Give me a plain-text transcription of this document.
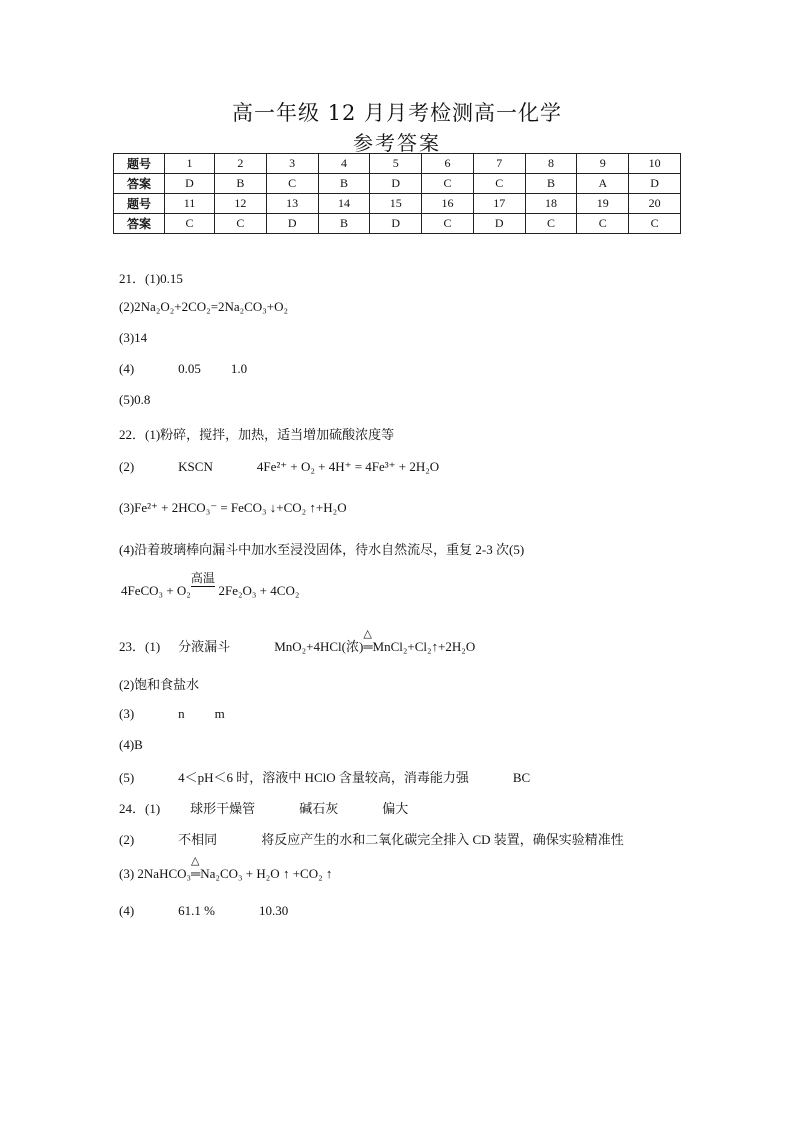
高一年级 12 月月考检测高一化学
参考答案
题号	1	2	3	4	5	6	7	8	9	10
答案	D	B	C	B	D	C	C	B	A	D
题号	11	12	13	14	15	16	17	18	19	20
答案	C	C	D	B	D	C	D	C	C	C
21．(1)0.15
(2)2Na₂O₂+2CO₂=2Na₂CO₃+O₂
(3)14
(4)	0.05 1.0
(5)0.8
22．(1)粉碎，搅拌，加热，适当增加硫酸浓度等
(2)	KSCN	4Fe²⁺ + O₂ + 4H⁺ = 4Fe³⁺ + 2H₂O
(3)Fe²⁺ + 2HCO₃⁻ = FeCO₃ ↓+CO₂ ↑+H₂O
(4)沿着玻璃棒向漏斗中加水至浸没固体，待水自然流尽，重复 2-3 次(5)
4FeCO₃ + O₂
高温
2Fe₂O₃ + 4CO₂
23．(1) 分液漏斗	MnO₂+4HCl(浓)
△
═MnCl₂+Cl₂↑+2H₂O
(2)饱和食盐水
(3)	n m
(4)B
(5)	4＜pH＜6 时，溶液中 HClO 含量较高，消毒能力强	BC
24．(1) 球形干燥管	碱石灰	偏大
(2)	不相同	将反应产生的水和二氧化碳完全排入 CD 装置，确保实验精准性
(3) 2NaHCO₃
△
═Na₂CO₃ + H₂O ↑ +CO₂ ↑
(4)	61.1 %	10.30
